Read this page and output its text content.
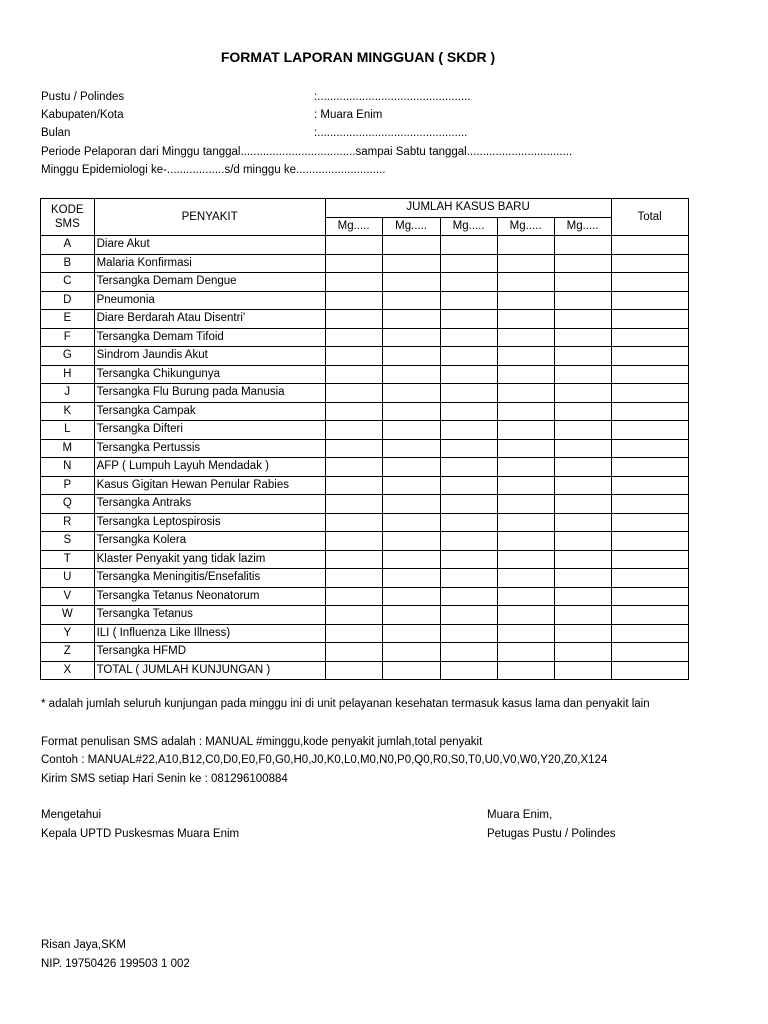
FORMAT LAPORAN MINGGUAN ( SKDR )
Pustu / Polindes	:................................................
Kabupaten/Kota	: Muara Enim
Bulan	:...............................................
Periode Pelaporan dari Minggu tanggal....................................sampai Sabtu tanggal.................................
Minggu Epidemiologi ke-..................s/d minggu ke............................
KODE SMS	PENYAKIT	JUMLAH KASUS BARU					Total
		Mg.....	Mg.....	Mg.....	Mg.....	Mg.....	
A	Diare Akut						
B	Malaria Konfirmasi						
C	Tersangka Demam Dengue						
D	Pneumonia						
E	Diare Berdarah Atau Disentri'						
F	Tersangka Demam Tifoid						
G	Sindrom Jaundis Akut						
H	Tersangka Chikungunya						
J	Tersangka Flu Burung pada Manusia						
K	Tersangka Campak						
L	Tersangka Difteri						
M	Tersangka Pertussis						
N	AFP ( Lumpuh Layuh Mendadak )						
P	Kasus Gigitan Hewan Penular Rabies						
Q	Tersangka Antraks						
R	Tersangka Leptospirosis						
S	Tersangka Kolera						
T	Klaster Penyakit yang tidak lazim						
U	Tersangka Meningitis/Ensefalitis						
V	Tersangka Tetanus Neonatorum						
W	Tersangka Tetanus						
Y	ILI ( Influenza Like Illness)						
Z	Tersangka HFMD						
X	TOTAL ( JUMLAH KUNJUNGAN )						
* adalah jumlah seluruh kunjungan pada minggu ini di unit pelayanan kesehatan termasuk kasus lama dan penyakit lain
Format penulisan SMS adalah : MANUAL #minggu,kode penyakit jumlah,total penyakit
Contoh : MANUAL#22,A10,B12,C0,D0,E0,F0,G0,H0,J0,K0,L0,M0,N0,P0,Q0,R0,S0,T0,U0,V0,W0,Y20,Z0,X124
Kirim SMS setiap Hari Senin ke : 081296100884
Mengetahui
Kepala UPTD Puskesmas Muara Enim
Muara Enim,
Petugas Pustu / Polindes
Risan Jaya,SKM
NIP. 19750426 199503 1 002
